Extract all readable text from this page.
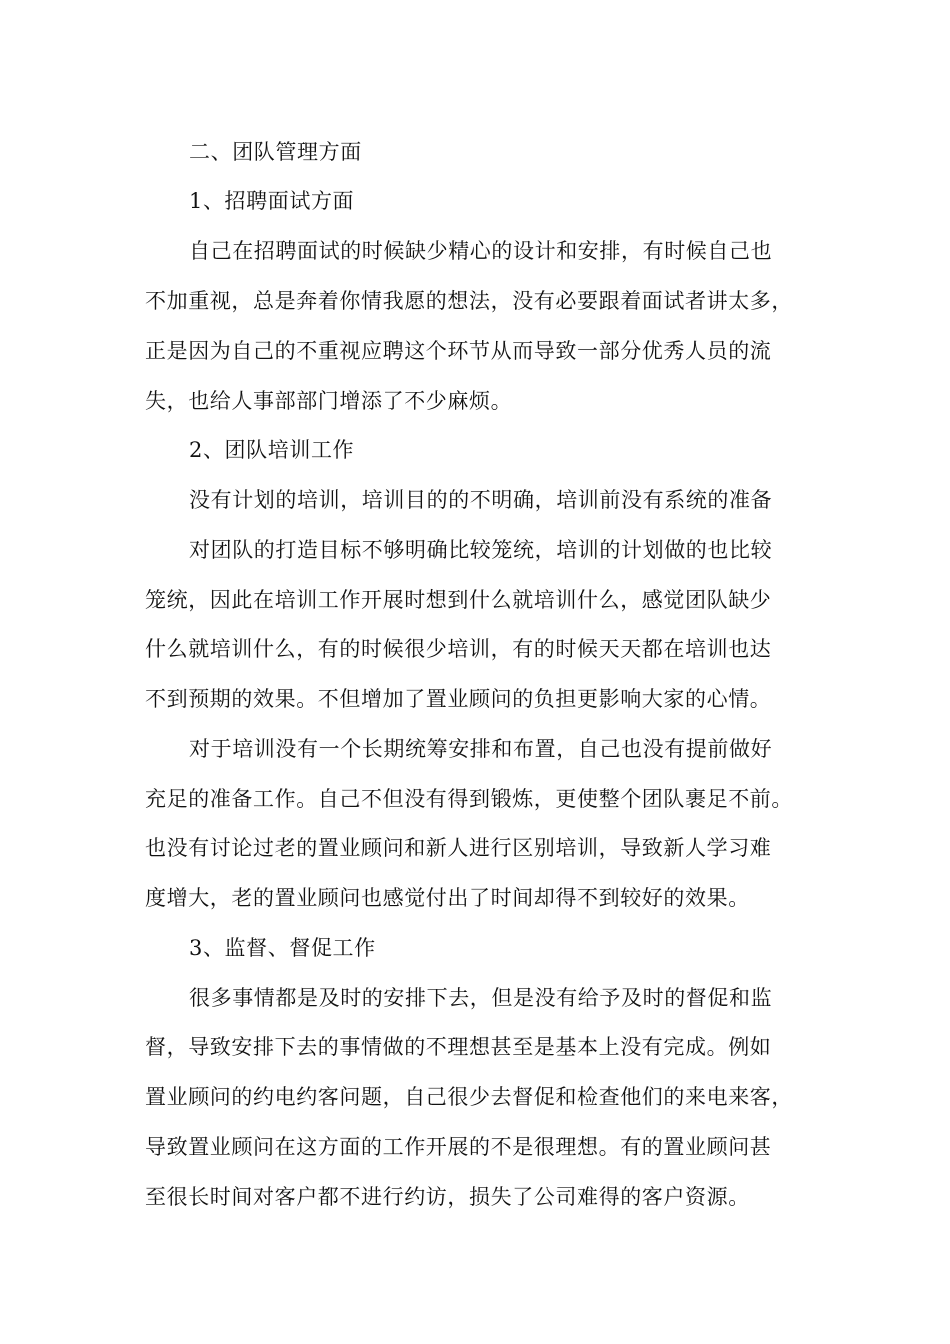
二、团队管理方面
1、招聘面试方面
自己在招聘面试的时候缺少精心的设计和安排，有时候自己也
不加重视，总是奔着你情我愿的想法，没有必要跟着面试者讲太多，
正是因为自己的不重视应聘这个环节从而导致一部分优秀人员的流
失，也给人事部部门增添了不少麻烦。
2、团队培训工作
没有计划的培训，培训目的的不明确，培训前没有系统的准备
对团队的打造目标不够明确比较笼统，培训的计划做的也比较
笼统，因此在培训工作开展时想到什么就培训什么，感觉团队缺少
什么就培训什么，有的时候很少培训，有的时候天天都在培训也达
不到预期的效果。不但增加了置业顾问的负担更影响大家的心情。
对于培训没有一个长期统筹安排和布置，自己也没有提前做好
充足的准备工作。自己不但没有得到锻炼，更使整个团队裹足不前。
也没有讨论过老的置业顾问和新人进行区别培训，导致新人学习难
度增大，老的置业顾问也感觉付出了时间却得不到较好的效果。
3、监督、督促工作
很多事情都是及时的安排下去，但是没有给予及时的督促和监
督，导致安排下去的事情做的不理想甚至是基本上没有完成。例如
置业顾问的约电约客问题，自己很少去督促和检查他们的来电来客，
导致置业顾问在这方面的工作开展的不是很理想。有的置业顾问甚
至很长时间对客户都不进行约访，损失了公司难得的客户资源。
